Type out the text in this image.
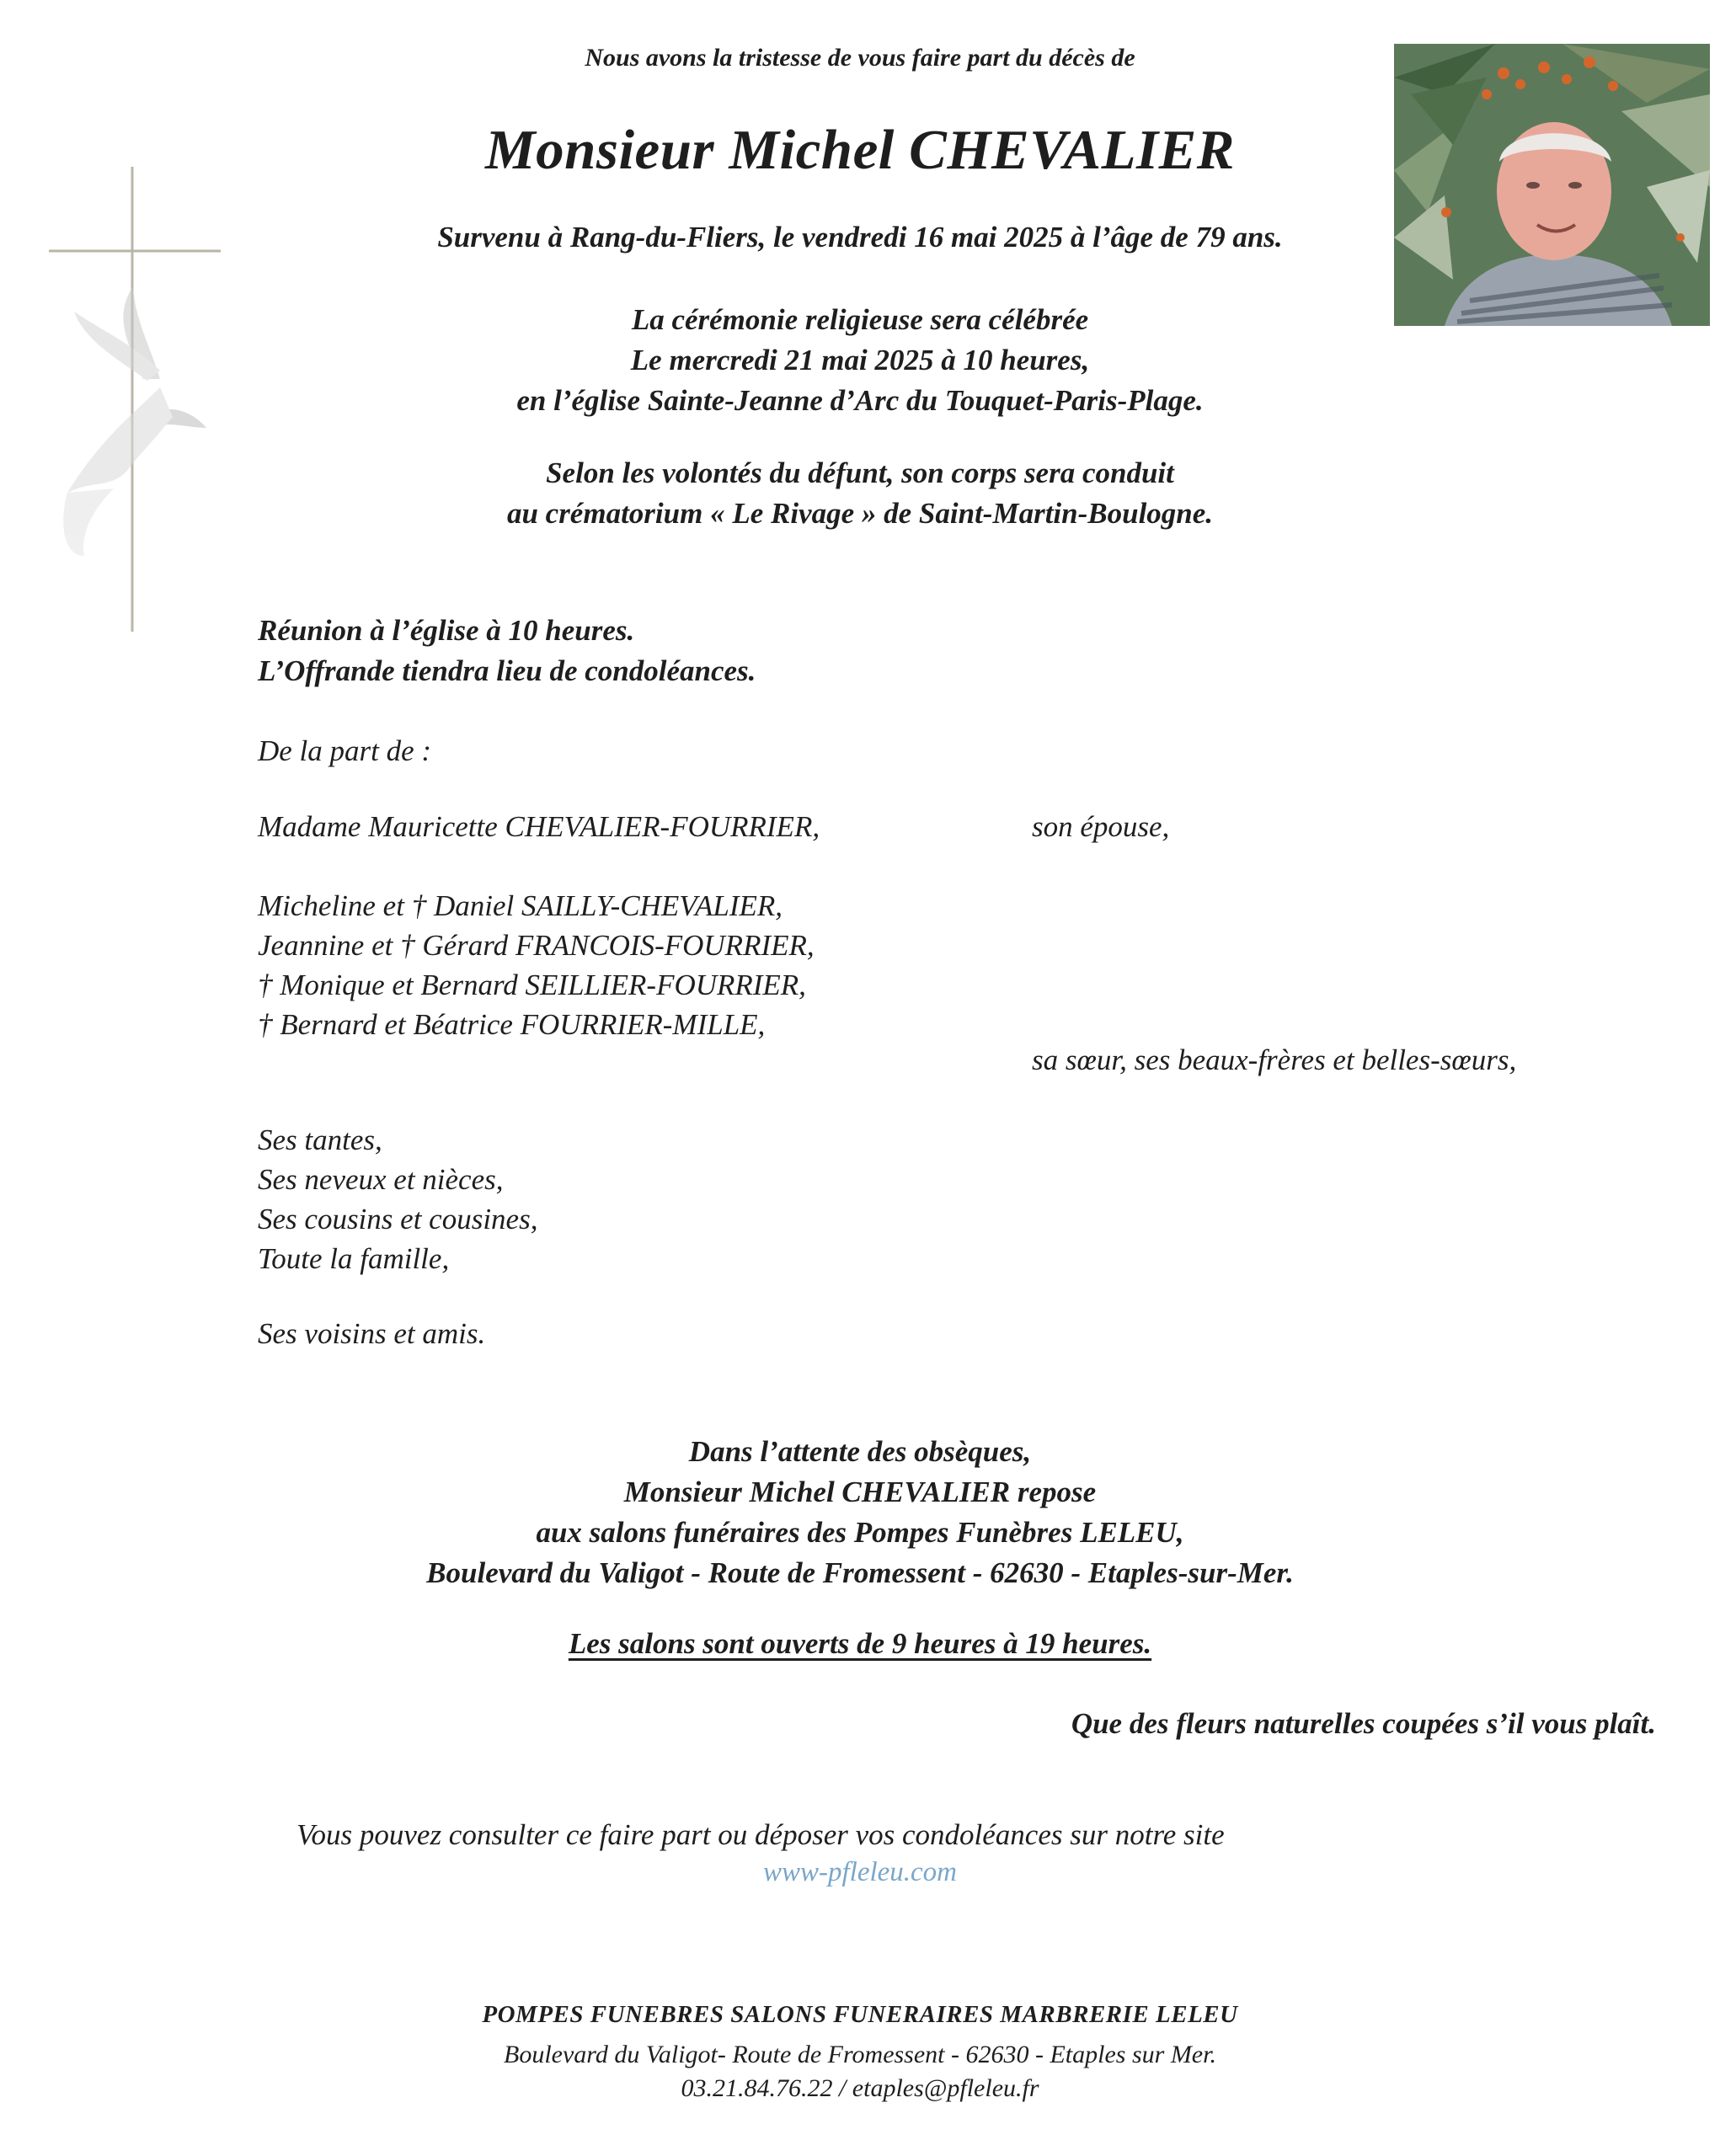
Nous avons la tristesse de vous faire part du décès de
Monsieur Michel CHEVALIER
Survenu à Rang-du-Fliers, le vendredi 16 mai 2025 à l’âge de 79 ans.
La cérémonie religieuse sera célébrée
Le mercredi 21 mai 2025 à 10 heures,
en l’église Sainte-Jeanne d’Arc du Touquet-Paris-Plage.
Selon les volontés du défunt, son corps sera conduit
au crématorium « Le Rivage » de Saint-Martin-Boulogne.
Réunion à l’église à 10 heures.
L’Offrande tiendra lieu de condoléances.
De la part de :
Madame Mauricette CHEVALIER-FOURRIER,	son épouse,
Micheline et † Daniel SAILLY-CHEVALIER,
Jeannine et † Gérard FRANCOIS-FOURRIER,
† Monique et Bernard SEILLIER-FOURRIER,
† Bernard et Béatrice FOURRIER-MILLE,
sa sœur, ses beaux-frères et belles-sœurs,
Ses tantes,
Ses neveux et nièces,
Ses cousins et cousines,
Toute la famille,
Ses voisins et amis.
Dans l’attente des obsèques,
Monsieur Michel CHEVALIER repose
aux salons funéraires des Pompes Funèbres LELEU,
Boulevard du Valigot - Route de Fromessent - 62630 - Etaples-sur-Mer.
Les salons sont ouverts de 9 heures à 19 heures.
Que des fleurs naturelles coupées s’il vous plaît.
Vous pouvez consulter ce faire part ou déposer vos condoléances sur notre site
www-pfleleu.com
POMPES FUNEBRES SALONS FUNERAIRES MARBRERIE LELEU
Boulevard du Valigot- Route de Fromessent - 62630 - Etaples sur Mer.
03.21.84.76.22 / etaples@pfleleu.fr
